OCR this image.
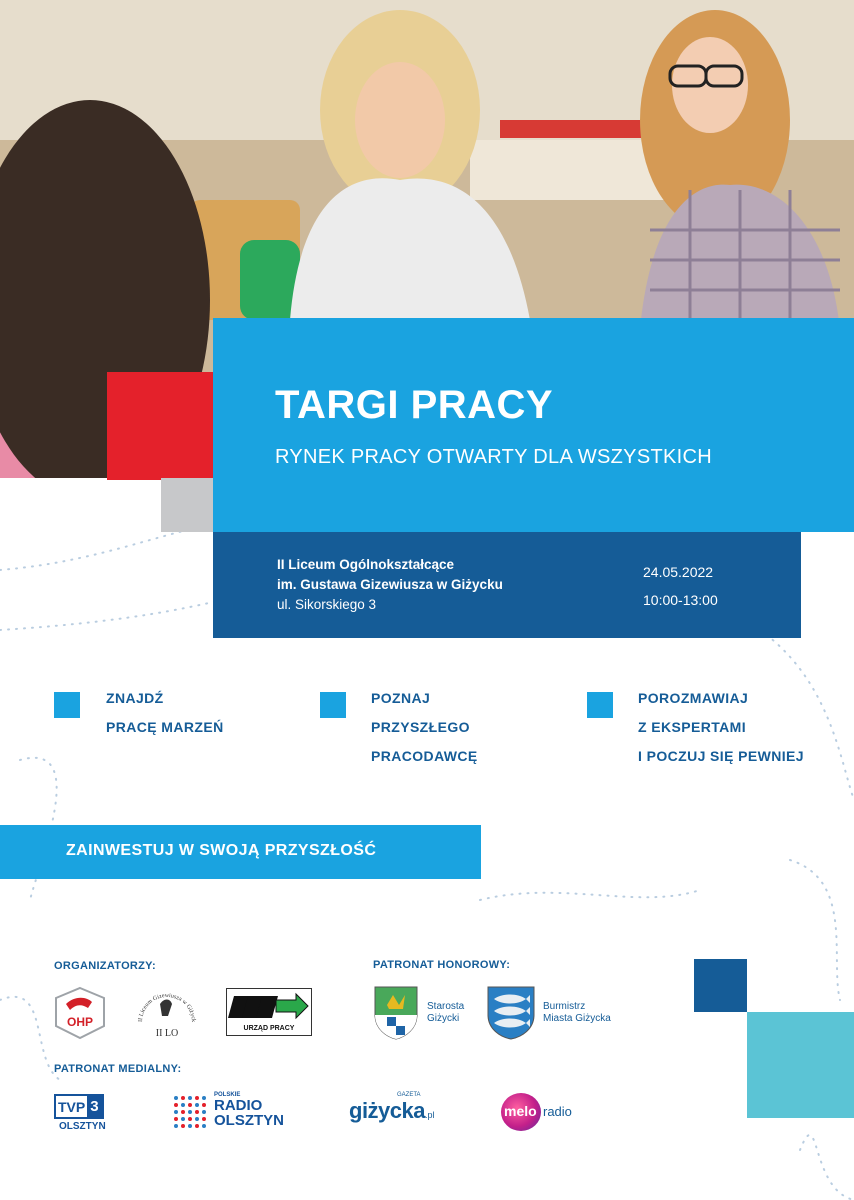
TARGI PRACY
RYNEK PRACY OTWARTY DLA WSZYSTKICH
II Liceum Ogólnokształcące
im. Gustawa Gizewiusza w Giżycku
ul. Sikorskiego 3
24.05.2022
10:00-13:00
ZNAJDŹ
PRACĘ MARZEŃ
POZNAJ
PRZYSZŁEGO
PRACODAWCĘ
POROZMAWIAJ
Z EKSPERTAMI
I POCZUJ SIĘ PEWNIEJ
ZAINWESTUJ W SWOJĄ PRZYSZŁOŚĆ
ORGANIZATORZY:
OHP	II Liceum Gizewiusza w Giżyck
II LO	URZĄD PRACY
PATRONAT HONOROWY:
Starosta
Giżycki
Burmistrz
Miasta Giżycka
PATRONAT MEDIALNY:
TVP 3
OLSZTYN
POLSKIE
RADIO
OLSZTYN
GAZETA
giżycka.pl	melo radio
